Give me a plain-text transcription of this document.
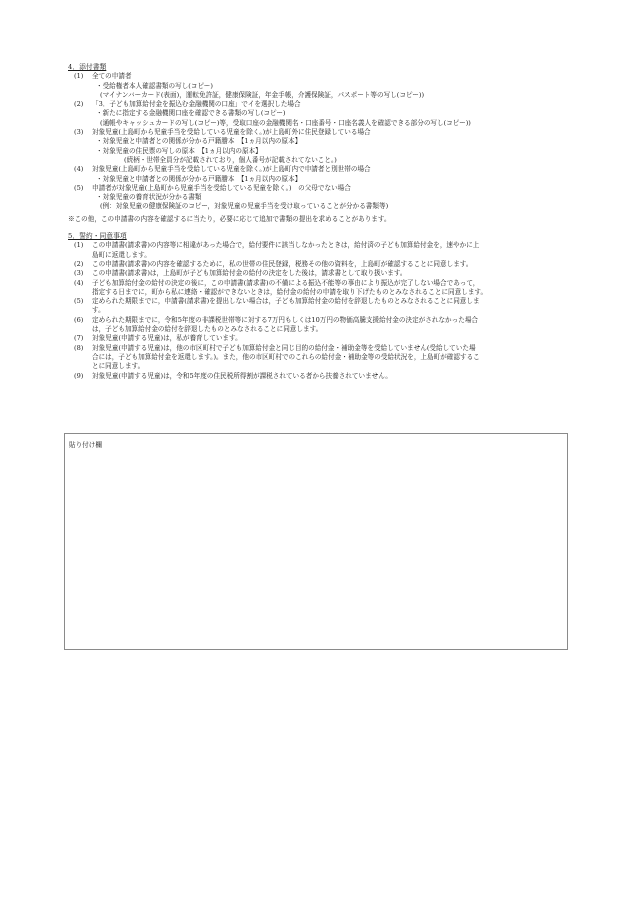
4．添付書類
(1) 全ての申請者
・受給権者本人確認書類の写し(コピー)
(マイナンバーカード(表面)，運転免許証，健康保険証，年金手帳，介護保険証，パスポート等の写し(コピー))
(2) 「3．子ども加算給付金を振込む金融機関の口座」でイを選択した場合
・新たに指定する金融機関口座を確認できる書類の写し(コピー)
(通帳やキャッシュカードの写し(コピー)等，受取口座の金融機関名・口座番号・口座名義人を確認できる部分の写し(コピー))
(3) 対象児童(上島町から児童手当を受給している児童を除く。)が上島町外に住民登録している場合
・対象児童と申請者との関係が分かる戸籍謄本　【1ヵ月以内の原本】
・対象児童の住民票の写しの原本　【1ヵ月以内の原本】
(続柄・世帯全員分が記載されており，個人番号が記載されてないこと。)
(4) 対象児童(上島町から児童手当を受給している児童を除く。)が上島町内で申請者と別世帯の場合
・対象児童と申請者との関係が分かる戸籍謄本　【1ヵ月以内の原本】
(5) 申請者が対象児童(上島町から児童手当を受給している児童を除く。)　の父母でない場合
・対象児童の養育状況が分かる書類
(例：対象児童の健康保険証のコピー，対象児童の児童手当を受け取っていることが分かる書類等)
※この他，この申請書の内容を確認するに当たり，必要に応じて追加で書類の提出を求めることがあります。
5．誓約・同意事項
(1) この申請書(請求書)の内容等に相違があった場合で，給付要件に該当しなかったときは，給付済の子ども加算給付金を，速やかに上
島町に返還します。
(2) この申請書(請求書)の内容を確認するために，私の世帯の住民登録，税務その他の資料を，上島町が確認することに同意します。
(3) この申請書(請求書)は，上島町が子ども加算給付金の給付の決定をした後は，請求書として取り扱います。
(4) 子ども加算給付金の給付の決定の後に，この申請書(請求書)の不備による振込不能等の事由により振込が完了しない場合であって，
指定する日までに，町から私に連絡・確認ができないときは，給付金の給付の申請を取り下げたものとみなされることに同意します。
(5) 定められた期限までに，申請書(請求書)を提出しない場合は，子ども加算給付金の給付を辞退したものとみなされることに同意しま
す。
(6) 定められた期限までに，令和5年度の非課税世帯等に対する7万円もしくは10万円の物価高騰支援給付金の決定がされなかった場合
は，子ども加算給付金の給付を辞退したものとみなされることに同意します。
(7) 対象児童(申請する児童)は，私が養育しています。
(8) 対象児童(申請する児童)は，他の市区町村で子ども加算給付金と同じ目的の給付金・補助金等を受給していません(受給していた場
合には，子ども加算給付金を返還します。)。また，他の市区町村でのこれらの給付金・補助金等の受給状況を，上島町が確認するこ
とに同意します。
(9) 対象児童(申請する児童)は，令和5年度の住民税所得割が課税されている者から扶養されていません。
貼り付け欄
